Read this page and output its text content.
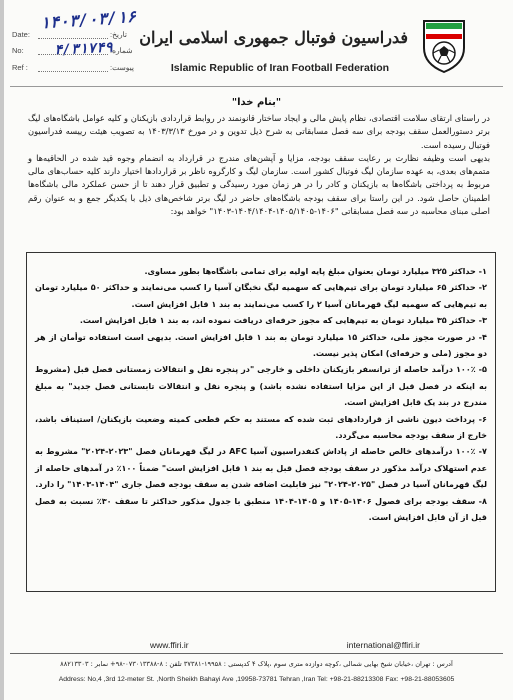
۱۴۰۳/۰۳/۱۶
۴/۳۱۷۴۹
Date:	تاریخ:
No:	شماره:
Ref :	پیوست:
فدراسیون فوتبال جمهوری اسلامی ایران
Islamic Republic of Iran Football Federation
"بنام خدا"

در راستای ارتقای سلامت اقتصادی، نظام پایش مالی و ایجاد ساختار قانونمند در روابط قراردادی بازیکنان و کلیه عوامل باشگاه‌های لیگ برتر دستورالعمل سقف بودجه برای سه فصل مسابقاتی به شرح ذیل تدوین و در مورخ ۱۴۰۳/۳/۱۳ به تصویب هیئت رییسه فدراسیون فوتبال رسیده است.

بدیهی است وظیفه نظارت بر رعایت سقف بودجه، مزایا و آپشن‌های مندرج در قرارداد به انضمام وجوه قید شده در الحاقیه‌ها و متمم‌های بعدی، به عهده سازمان لیگ فوتبال کشور است. سازمان لیگ و کارگروه ناظر بر قراردادها اختیار دارند کلیه حساب‌های مالی مربوط به پرداختی باشگاه‌ها به بازیکنان و کادر را در هر زمان مورد رسیدگی و تطبیق قرار دهند تا از حسن عملکرد مالی باشگاه‌ها اطمینان حاصل شود. در این راستا برای سقف بودجه باشگاه‌های حاضر در لیگ برتر شاخص‌های ذیل با یکدیگر جمع و به عنوان رقم اصلی مبنای محاسبه در سه فصل مسابقاتی "۱۴۰۶-۱۴۰۵/۱۴۰۵-۱۴۰۴/۱۴۰۴-۱۴۰۳" خواهد بود:

۱- حداکثر ۳۲۵ میلیارد تومان بعنوان مبلغ پایه اولیه برای تمامی باشگاه‌ها بطور مساوی.

۲- حداکثر ۶۵ میلیارد تومان برای تیم‌هایی که سهمیه لیگ نخبگان آسیا را کسب می‌نمایند و حداکثر ۵۰ میلیارد تومان به تیم‌هایی که سهمیه لیگ قهرمانان آسیا ۲ را کسب می‌نمایند به بند ۱ قابل افزایش است.

۳- حداکثر ۳۵ میلیارد تومان به تیم‌هایی که مجوز حرفه‌ای دریافت نموده اند، به بند ۱ قابل افزایش است.

۴- در صورت مجوز ملی، حداکثر ۱۵ میلیارد تومان به بند ۱ قابل افزایش است. بدیهی است استفاده توأمان از هر دو مجوز (ملی و حرفه‌ای) امکان پذیر نیست.

۵- ۱۰۰٪ درآمد حاصله از ترانسفر بازیکنان داخلی و خارجی "در پنجره نقل و انتقالات زمستانی فصل قبل (مشروط به اینکه در فصل قبل از این مزایا استفاده نشده باشد) و پنجره نقل و انتقالات تابستانی فصل جدید" به مبلغ مندرج در بند یک قابل افزایش است.

۶- پرداخت دیون ناشی از قراردادهای ثبت شده که مستند به حکم قطعی کمیته وضعیت بازیکنان/ استیناف باشد، خارج از سقف بودجه محاسبه می‌گردد.

۷- ۱۰۰٪ درآمدهای خالص حاصله از پاداش کنفدراسیون آسیا AFC در لیگ قهرمانان فصل "۲۰۲۳-۲۰۲۴" مشروط به عدم استهلاک درآمد مذکور در سقف بودجه فصل قبل به بند ۱ قابل افزایش است" ضمناً ۱۰۰٪ در آمدهای حاصله از لیگ قهرمانان آسیا در فصل "۲۰۲۵-۲۰۲۴" نیز قابلیت اضافه شدن به سقف بودجه فصل جاری "۱۴۰۴-۱۴۰۳" را دارد.

۸- سقف بودجه برای فصول ۱۴۰۶-۱۴۰۵ و ۱۴۰۵-۱۴۰۴ منطبق با جدول مذکور حداکثر تا سقف ۳۰٪ نسبت به فصل قبل از آن قابل افزایش است.

www.ffiri.ir	international@ffiri.ir
آدرس : تهران ،خیابان شیخ بهایی شمالی ،کوچه دوازده متری سوم ،پلاک ۴ کدپستی : ۱۹۹۵۸-۳۷۳۸۱ تلفن : ۸-۰۷۳۰۱۳۳۸۸-۹۸+ نمابر : ۸۸۲۱۳۳۰۳
Address: No,4 ,3rd 12-meter St. ,North Sheikh Bahayi Ave ,19958-73781 Tehran ,Iran Tel: +98-21-88213308 Fax: +98-21-88053605
